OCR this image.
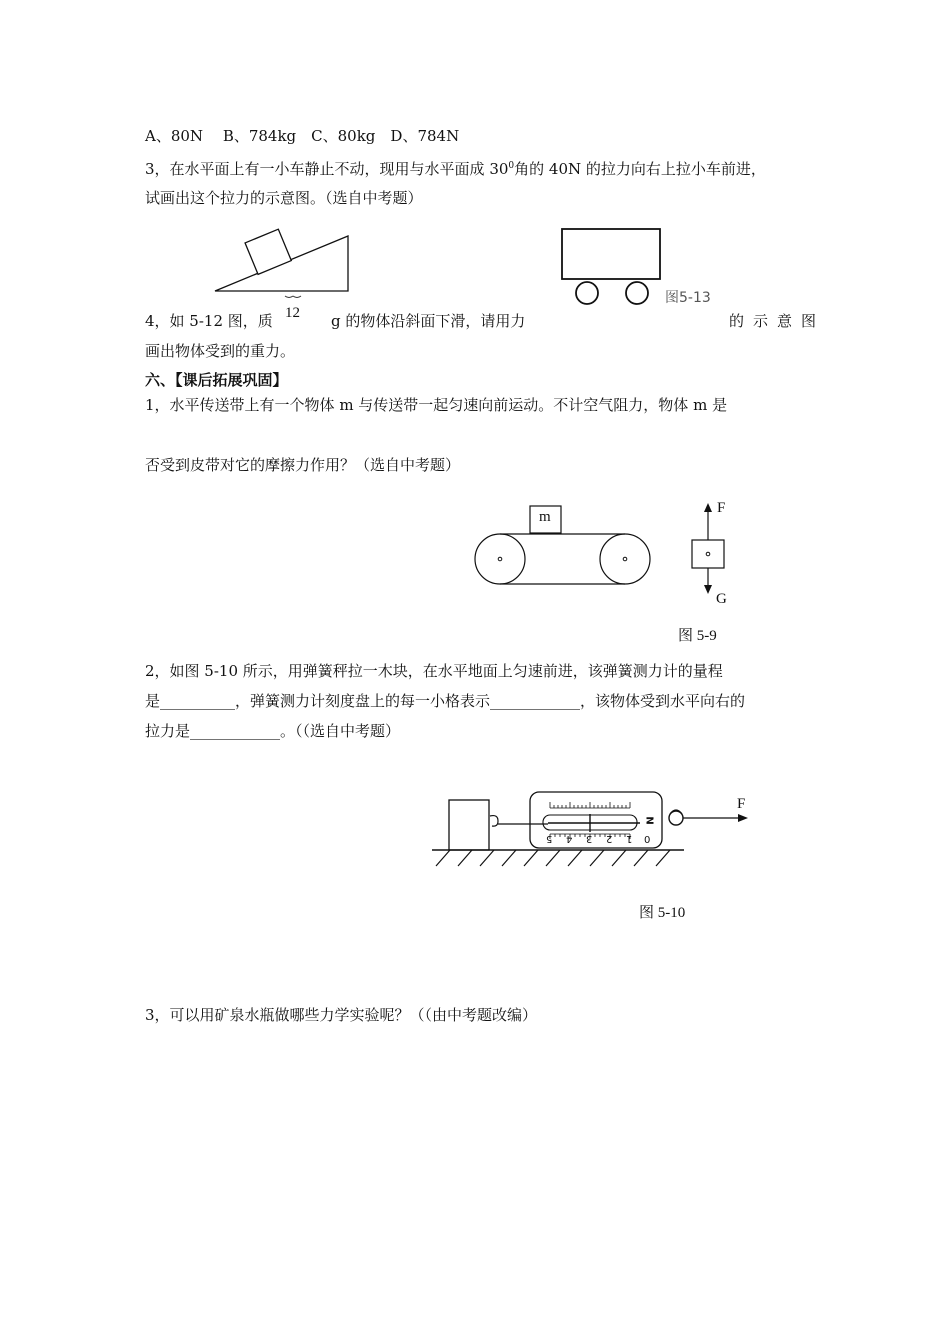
A、80N　 B、784kg　C、80kg　D、784N
3，在水平面上有一小车静止不动，现用与水平面成 $30^0$角的 40N 的拉力向右上拉小车前进，
试画出这个拉力的示意图。（选自中考题）
图5-13
4，如 5-12 图，质 12 g 的物体沿斜面下滑，请用力	的示意图
画出物体受到的重力。
六、【课后拓展巩固】
1，水平传送带上有一个物体 m 与传送带一起匀速向前运动。不计空气阻力，物体 m 是
否受到皮带对它的摩擦力作用？（选自中考题）
m
F
G
图 5-9
2，如图 5-10 所示，用弹簧秤拉一木块，在水平地面上匀速前进，该弹簧测力计的量程
是__________，弹簧测力计刻度盘上的每一小格表示____________，该物体受到水平向右的
拉力是____________。（（选自中考题）
5 4 3 2 1 0
N
F
图 5-10
3，可以用矿泉水瓶做哪些力学实验呢？（（由中考题改编）
